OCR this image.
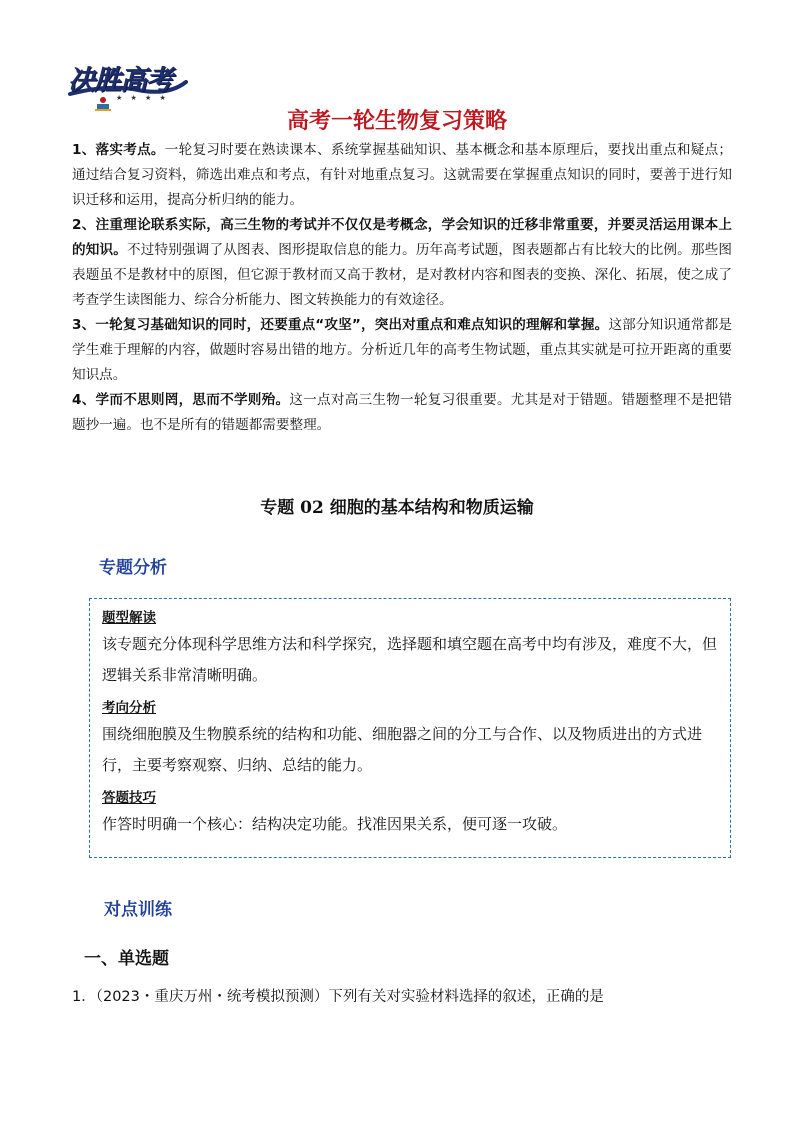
决胜高考
★ ★ ★ ★
高考一轮生物复习策略

1、落实考点。一轮复习时要在熟读课本、系统掌握基础知识、基本概念和基本原理后，要找出重点和疑点；通过结合复习资料，筛选出难点和考点，有针对地重点复习。这就需要在掌握重点知识的同时，要善于进行知识迁移和运用，提高分析归纳的能力。

2、注重理论联系实际，高三生物的考试并不仅仅是考概念，学会知识的迁移非常重要，并要灵活运用课本上的知识。不过特别强调了从图表、图形提取信息的能力。历年高考试题，图表题都占有比较大的比例。那些图表题虽不是教材中的原图，但它源于教材而又高于教材，是对教材内容和图表的变换、深化、拓展，使之成了考查学生读图能力、综合分析能力、图文转换能力的有效途径。

3、一轮复习基础知识的同时，还要重点“攻坚”，突出对重点和难点知识的理解和掌握。这部分知识通常都是学生难于理解的内容，做题时容易出错的地方。分析近几年的高考生物试题，重点其实就是可拉开距离的重要知识点。

4、学而不思则罔，思而不学则殆。这一点对高三生物一轮复习很重要。尤其是对于错题。错题整理不是把错题抄一遍。也不是所有的错题都需要整理。

专题 02 细胞的基本结构和物质运输
专题分析

题型解读

该专题充分体现科学思维方法和科学探究，选择题和填空题在高考中均有涉及，难度不大，但逻辑关系非常清晰明确。

考向分析

围绕细胞膜及生物膜系统的结构和功能、细胞器之间的分工与合作、以及物质进出的方式进行，主要考察观察、归纳、总结的能力。

答题技巧

作答时明确一个核心：结构决定功能。找准因果关系，便可逐一攻破。

对点训练
一、单选题

1．（2023・重庆万州・统考模拟预测）下列有关对实验材料选择的叙述，正确的是
